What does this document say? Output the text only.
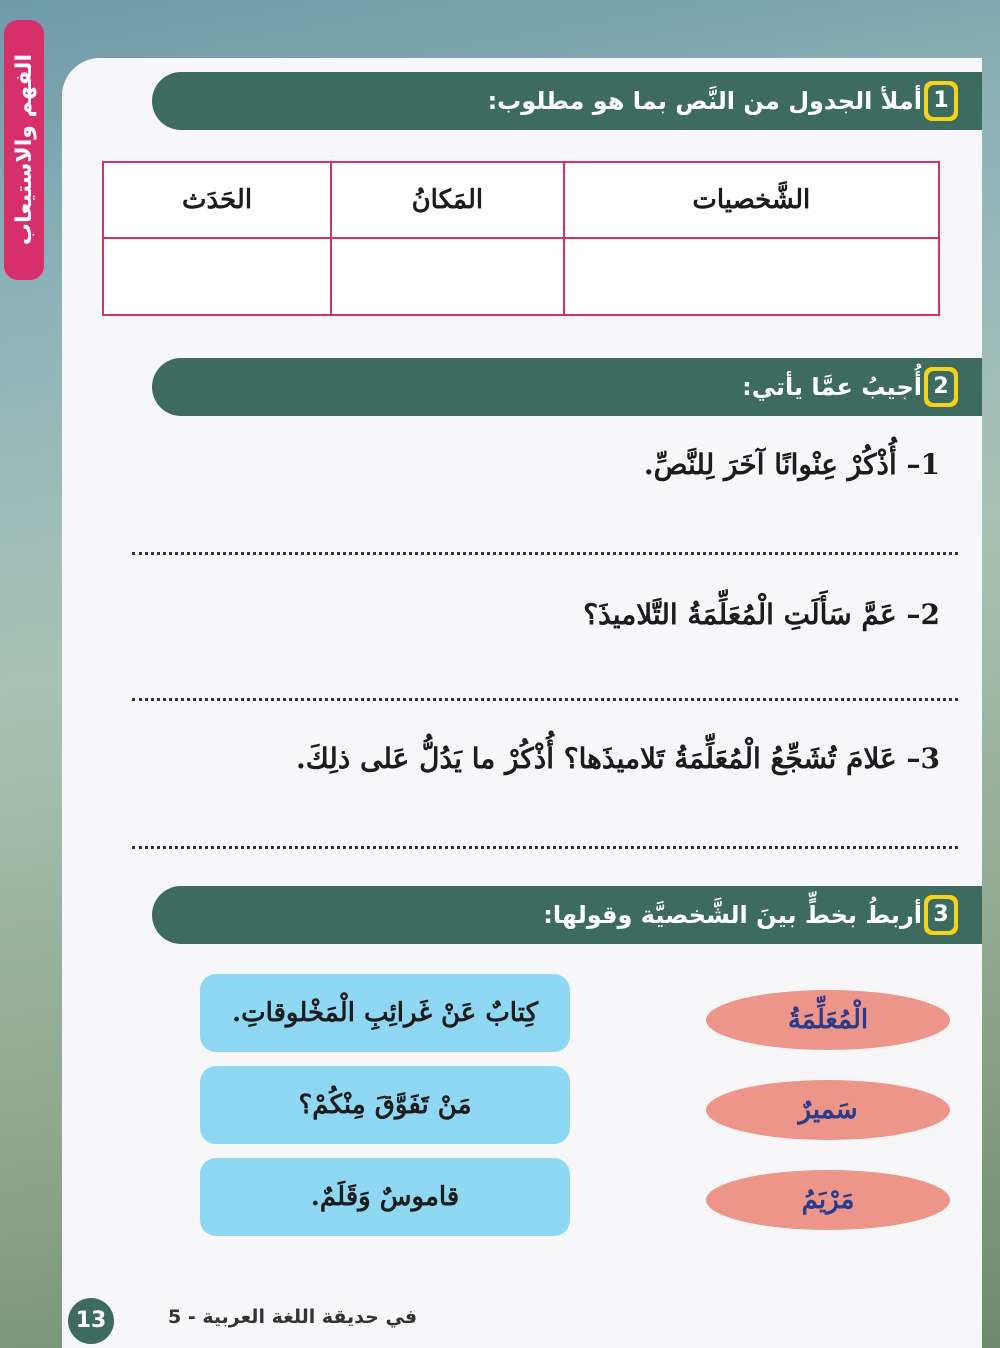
الفهم والاستيعاب	أملأ الجدول من النَّص بما هو مطلوب: 1
الشَّخصيات	المَكانُ	الحَدَث

أُجيبُ عمَّا يأتي: 2
1– أُذْكُرْ عِنْوانًا آخَرَ لِلنَّصِّ.
2– عَمَّ سَأَلَتِ الْمُعَلِّمَةُ التَّلاميذَ؟
3– عَلامَ تُشَجِّعُ الْمُعَلِّمَةُ تَلاميذَها؟ أُذْكُرْ ما يَدُلُّ عَلى ذلِكَ.
أربطُ بخطٍّ بينَ الشَّخصيَّة وقولها: 3
الْمُعَلِّمَةُ
سَميرٌ
مَرْيَمُ
كِتابٌ عَنْ غَرائِبِ الْمَخْلوقاتِ.
مَنْ تَفَوَّقَ مِنْكُمْ؟
قاموسٌ وَقَلَمٌ.
13	في حديقة اللغة العربية - 5
